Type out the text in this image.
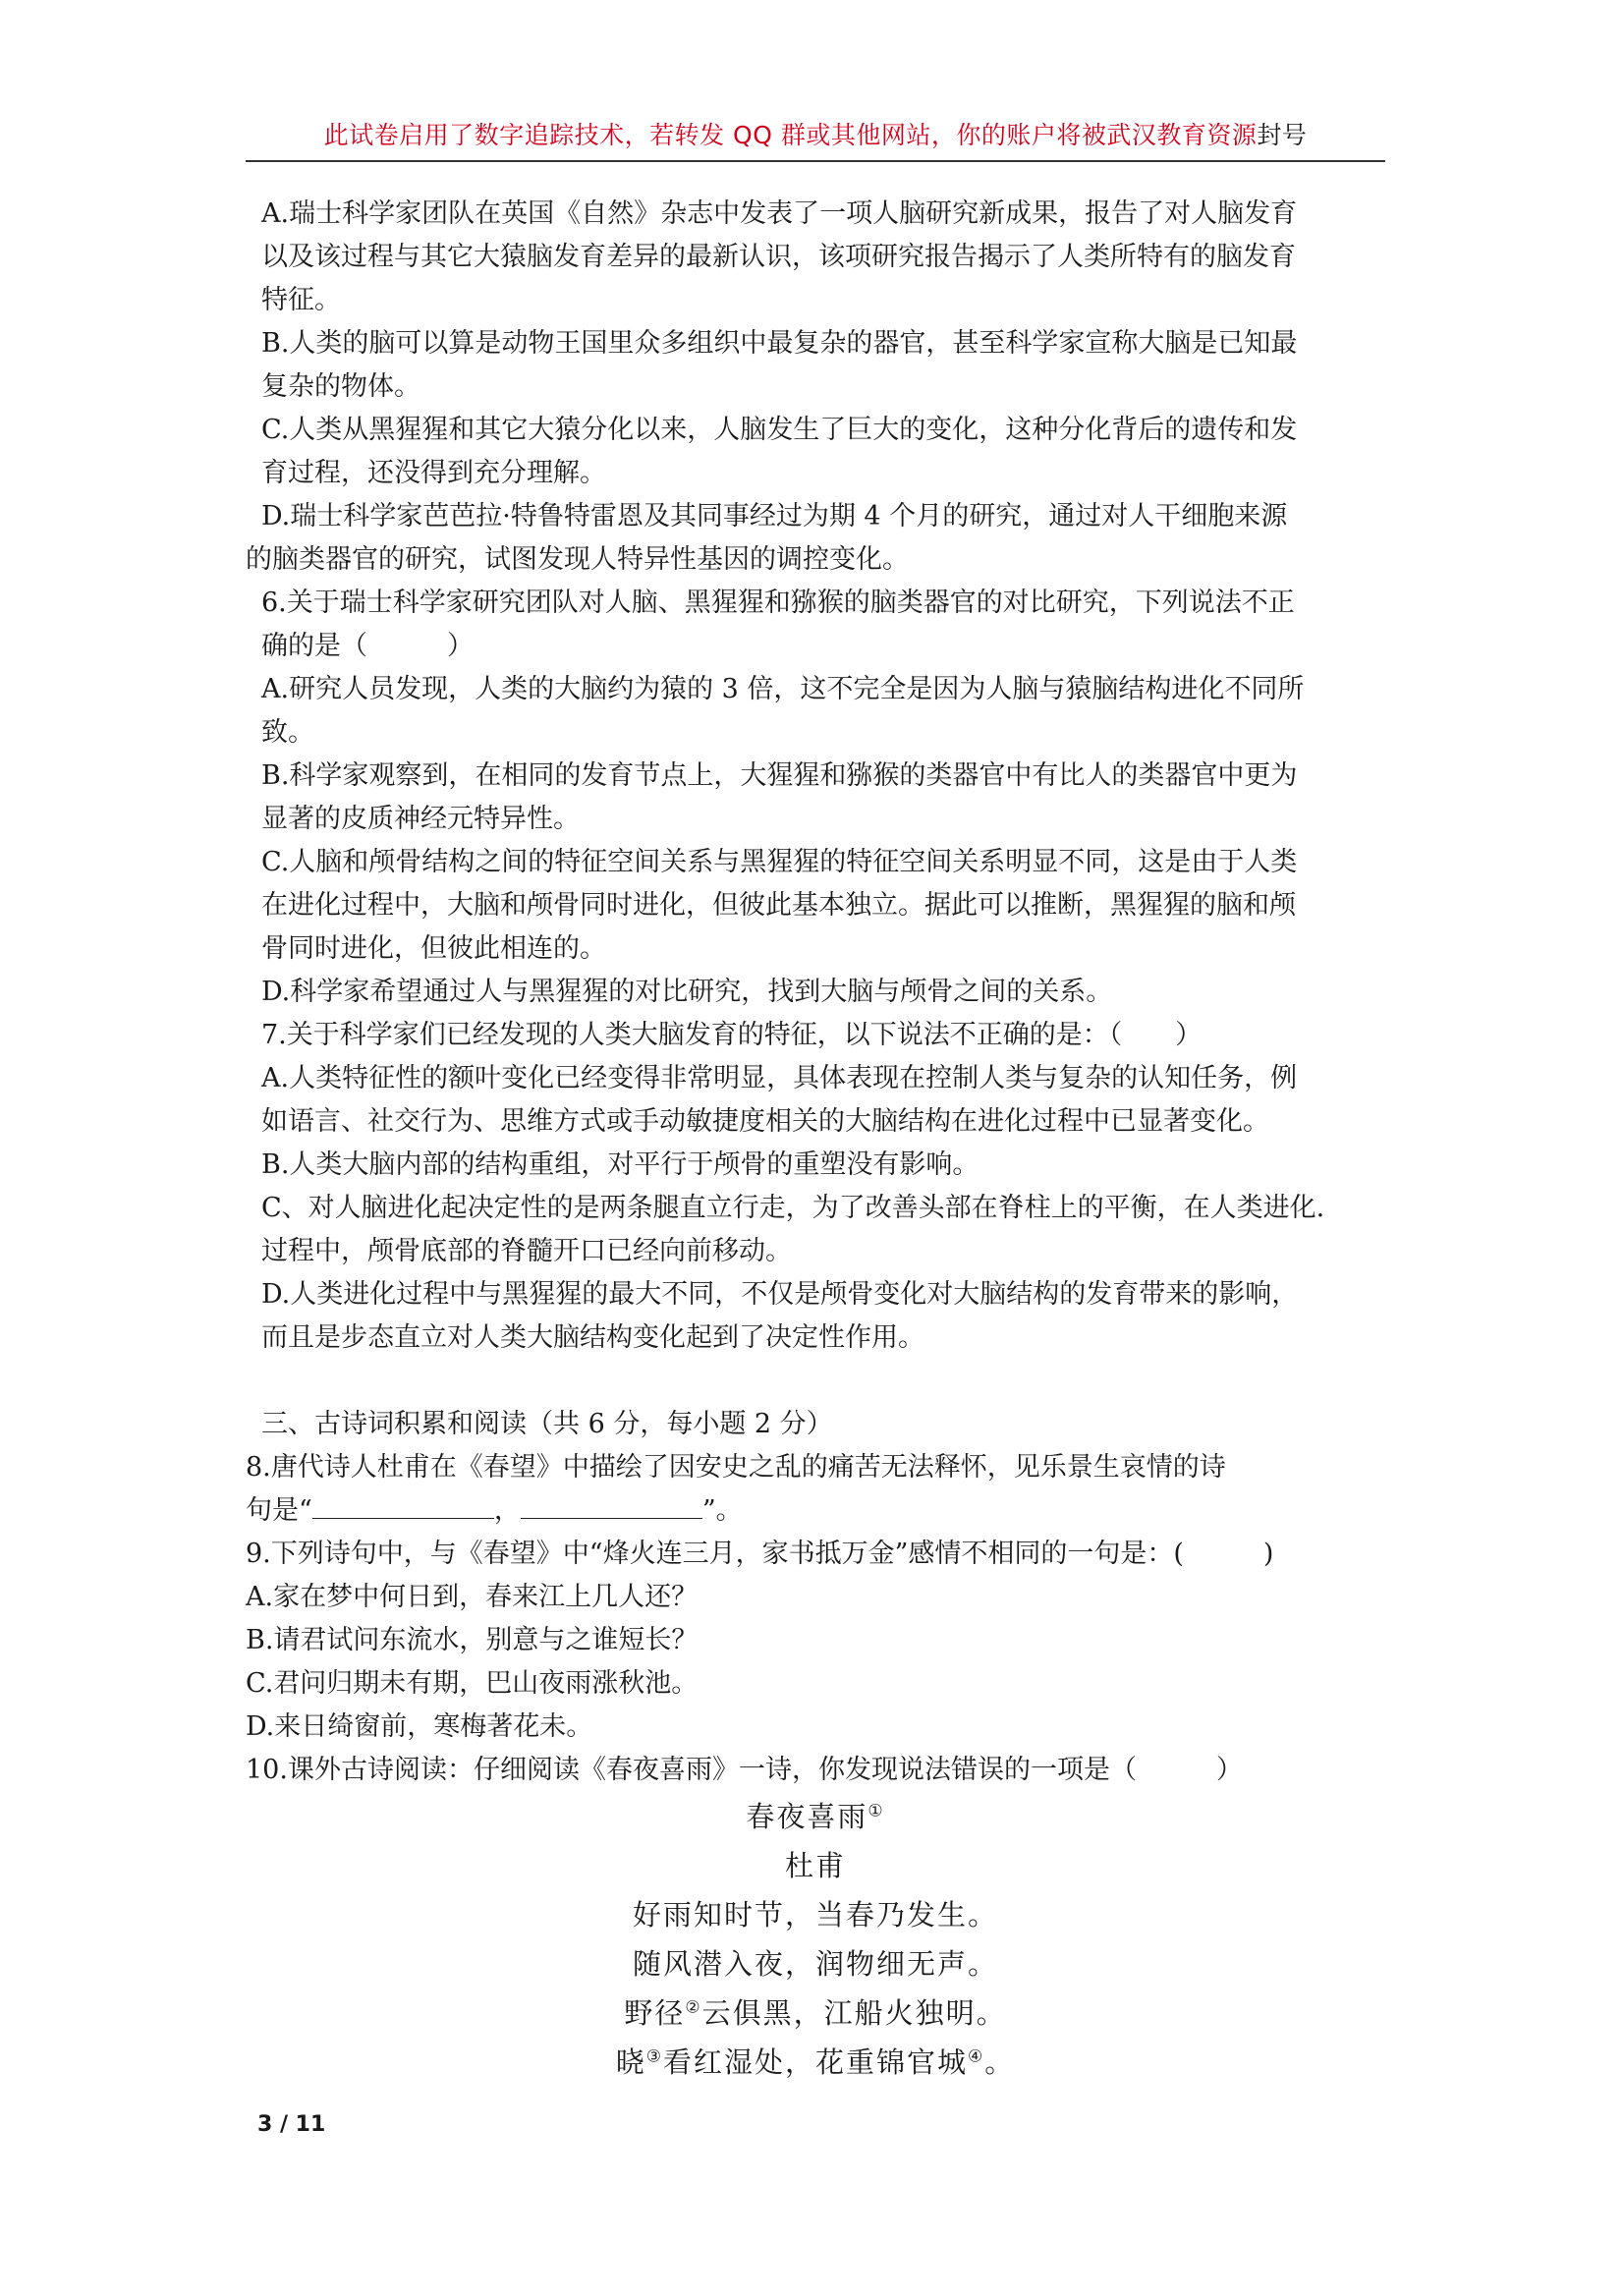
此试卷启用了数字追踪技术，若转发 QQ 群或其他网站，你的账户将被武汉教育资源封号
A.瑞士科学家团队在英国《自然》杂志中发表了一项人脑研究新成果，报告了对人脑发育
以及该过程与其它大猿脑发育差异的最新认识，该项研究报告揭示了人类所特有的脑发育
特征。
B.人类的脑可以算是动物王国里众多组织中最复杂的器官，甚至科学家宣称大脑是已知最
复杂的物体。
C.人类从黑猩猩和其它大猿分化以来，人脑发生了巨大的变化，这种分化背后的遗传和发
育过程，还没得到充分理解。
D.瑞士科学家芭芭拉·特鲁特雷恩及其同事经过为期 4 个月的研究，通过对人干细胞来源
的脑类器官的研究，试图发现人特异性基因的调控变化。
6.关于瑞士科学家研究团队对人脑、黑猩猩和猕猴的脑类器官的对比研究，下列说法不正
确的是（　　　）
A.研究人员发现，人类的大脑约为猿的 3 倍，这不完全是因为人脑与猿脑结构进化不同所
致。
B.科学家观察到，在相同的发育节点上，大猩猩和猕猴的类器官中有比人的类器官中更为
显著的皮质神经元特异性。
C.人脑和颅骨结构之间的特征空间关系与黑猩猩的特征空间关系明显不同，这是由于人类
在进化过程中，大脑和颅骨同时进化，但彼此基本独立。据此可以推断，黑猩猩的脑和颅
骨同时进化，但彼此相连的。
D.科学家希望通过人与黑猩猩的对比研究，找到大脑与颅骨之间的关系。
7.关于科学家们已经发现的人类大脑发育的特征，以下说法不正确的是：（　　）
A.人类特征性的额叶变化已经变得非常明显，具体表现在控制人类与复杂的认知任务，例
如语言、社交行为、思维方式或手动敏捷度相关的大脑结构在进化过程中已显著变化。
B.人类大脑内部的结构重组，对平行于颅骨的重塑没有影响。
C、对人脑进化起决定性的是两条腿直立行走，为了改善头部在脊柱上的平衡，在人类进化.
过程中，颅骨底部的脊髓开口已经向前移动。
D.人类进化过程中与黑猩猩的最大不同，不仅是颅骨变化对大脑结构的发育带来的影响，
而且是步态直立对人类大脑结构变化起到了决定性作用。
三、古诗词积累和阅读（共 6 分，每小题 2 分）
8.唐代诗人杜甫在《春望》中描绘了因安史之乱的痛苦无法释怀，见乐景生哀情的诗
句是“	，	”。
9.下列诗句中，与《春望》中“烽火连三月，家书抵万金”感情不相同的一句是：(　　　)
A.家在梦中何日到，春来江上几人还？
B.请君试问东流水，别意与之谁短长？
C.君问归期未有期，巴山夜雨涨秋池。
D.来日绮窗前，寒梅著花未。
10.课外古诗阅读：仔细阅读《春夜喜雨》一诗，你发现说法错误的一项是（　　　）
春夜喜雨①
杜甫
好雨知时节，当春乃发生。
随风潜入夜，润物细无声。
野径②云俱黑，江船火独明。
晓③看红湿处，花重锦官城④。
3 / 11
